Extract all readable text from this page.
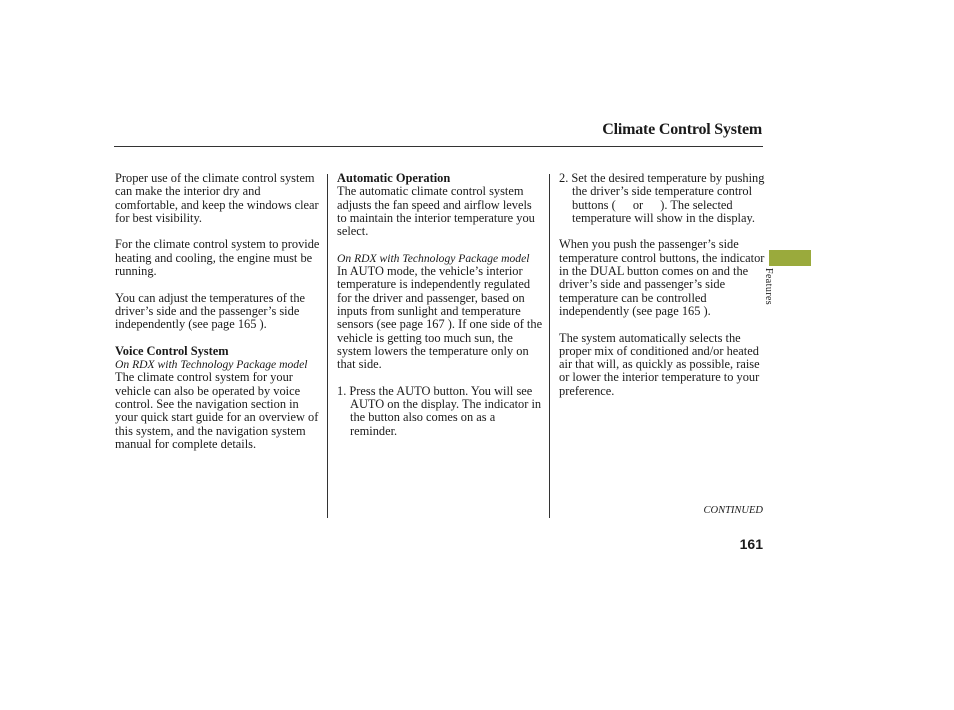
Climate Control System

Proper use of the climate control system can make the interior dry and comfortable, and keep the windows clear for best visibility.

For the climate control system to provide heating and cooling, the engine must be running.

You can adjust the temperatures of the driver’s side and the passenger’s side independently (see page 165 ).

Voice Control System
On RDX with Technology Package model

The climate control system for your vehicle can also be operated by voice control. See the navigation section in your quick start guide for an overview of this system, and the navigation system manual for complete details.

Automatic Operation

The automatic climate control system adjusts the fan speed and airflow levels to maintain the interior temperature you select.

On RDX with Technology Package model

In AUTO mode, the vehicle’s interior temperature is independently regulated for the driver and passenger, based on inputs from sunlight and temperature sensors (see page 167 ). If one side of the vehicle is getting too much sun, the system lowers the temperature only on that side.

1. Press the AUTO button. You will see AUTO on the display. The indicator in the button also comes on as a reminder.

2. Set the desired temperature by pushing the driver’s side temperature control buttons ( or ). The selected temperature will show in the display.

When you push the passenger’s side temperature control buttons, the indicator in the DUAL button comes on and the driver’s side and passenger’s side temperature can be controlled independently (see page 165 ).

The system automatically selects the proper mix of conditioned and/or heated air that will, as quickly as possible, raise or lower the interior temperature to your preference.

Features
CONTINUED
161
